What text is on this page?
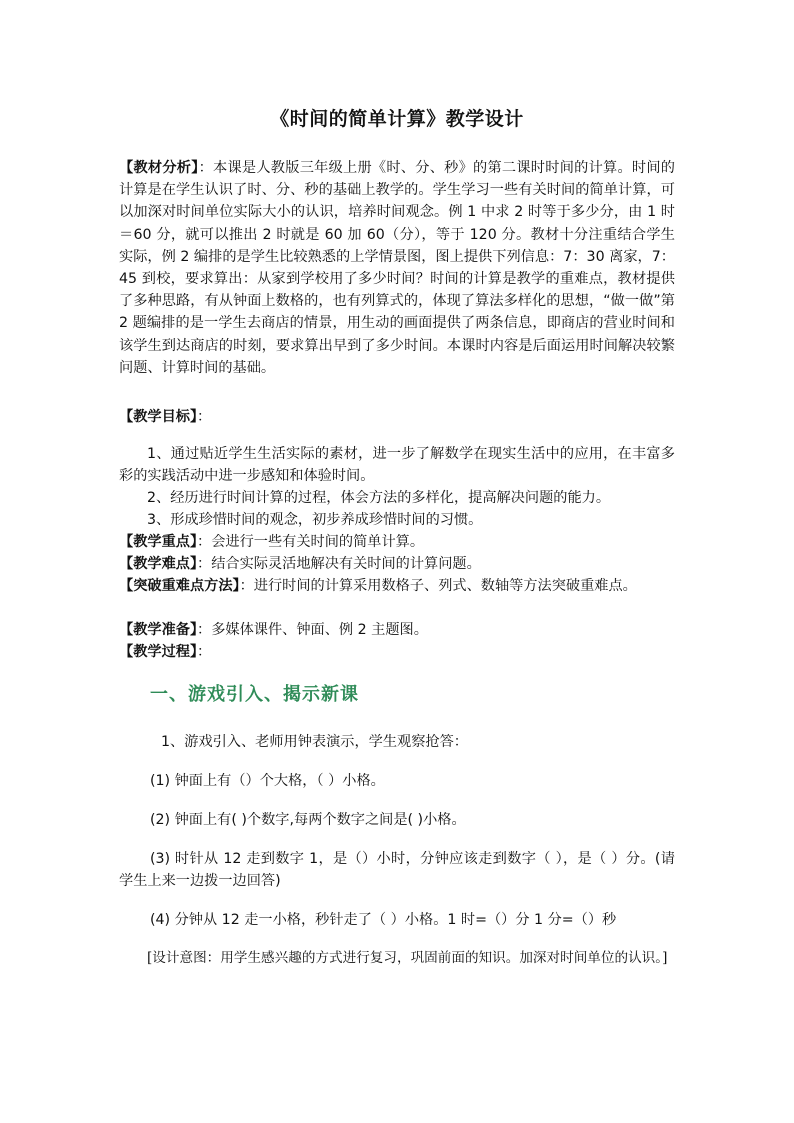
《时间的简单计算》教学设计
【教材分析】：本课是人教版三年级上册《时、分、秒》的第二课时时间的计算。时间的计算是在学生认识了时、分、秒的基础上教学的。学生学习一些有关时间的简单计算，可以加深对时间单位实际大小的认识，培养时间观念。例 1 中求 2 时等于多少分，由 1 时＝60 分，就可以推出 2 时就是 60 加 60（分），等于 120 分。教材十分注重结合学生实际，例 2 编排的是学生比较熟悉的上学情景图，图上提供下列信息：7：30 离家，7：45 到校，要求算出：从家到学校用了多少时间？时间的计算是教学的重难点，教材提供了多种思路，有从钟面上数格的，也有列算式的，体现了算法多样化的思想，“做一做”第 2 题编排的是一学生去商店的情景，用生动的画面提供了两条信息，即商店的营业时间和该学生到达商店的时刻，要求算出早到了多少时间。本课时内容是后面运用时间解决较繁问题、计算时间的基础。
【教学目标】：
1、通过贴近学生生活实际的素材，进一步了解数学在现实生活中的应用，在丰富多彩的实践活动中进一步感知和体验时间。
2、经历进行时间计算的过程，体会方法的多样化，提高解决问题的能力。
3、形成珍惜时间的观念，初步养成珍惜时间的习惯。
【教学重点】：会进行一些有关时间的简单计算。
【教学难点】：结合实际灵活地解决有关时间的计算问题。
【突破重难点方法】：进行时间的计算采用数格子、列式、数轴等方法突破重难点。
【教学准备】：多媒体课件、钟面、例 2 主题图。
【教学过程】：
一、游戏引入、揭示新课
1、游戏引入、老师用钟表演示，学生观察抢答：
(1) 钟面上有（）个大格，（ ）小格。
(2) 钟面上有( )个数字,每两个数字之间是( )小格。
(3) 时针从 12 走到数字 1，是（）小时，分钟应该走到数字（ ），是（ ）分。(请学生上来一边拨一边回答)
(4) 分钟从 12 走一小格，秒针走了（ ）小格。1 时=（）分 1 分=（）秒
[设计意图：用学生感兴趣的方式进行复习，巩固前面的知识。加深对时间单位的认识。]
